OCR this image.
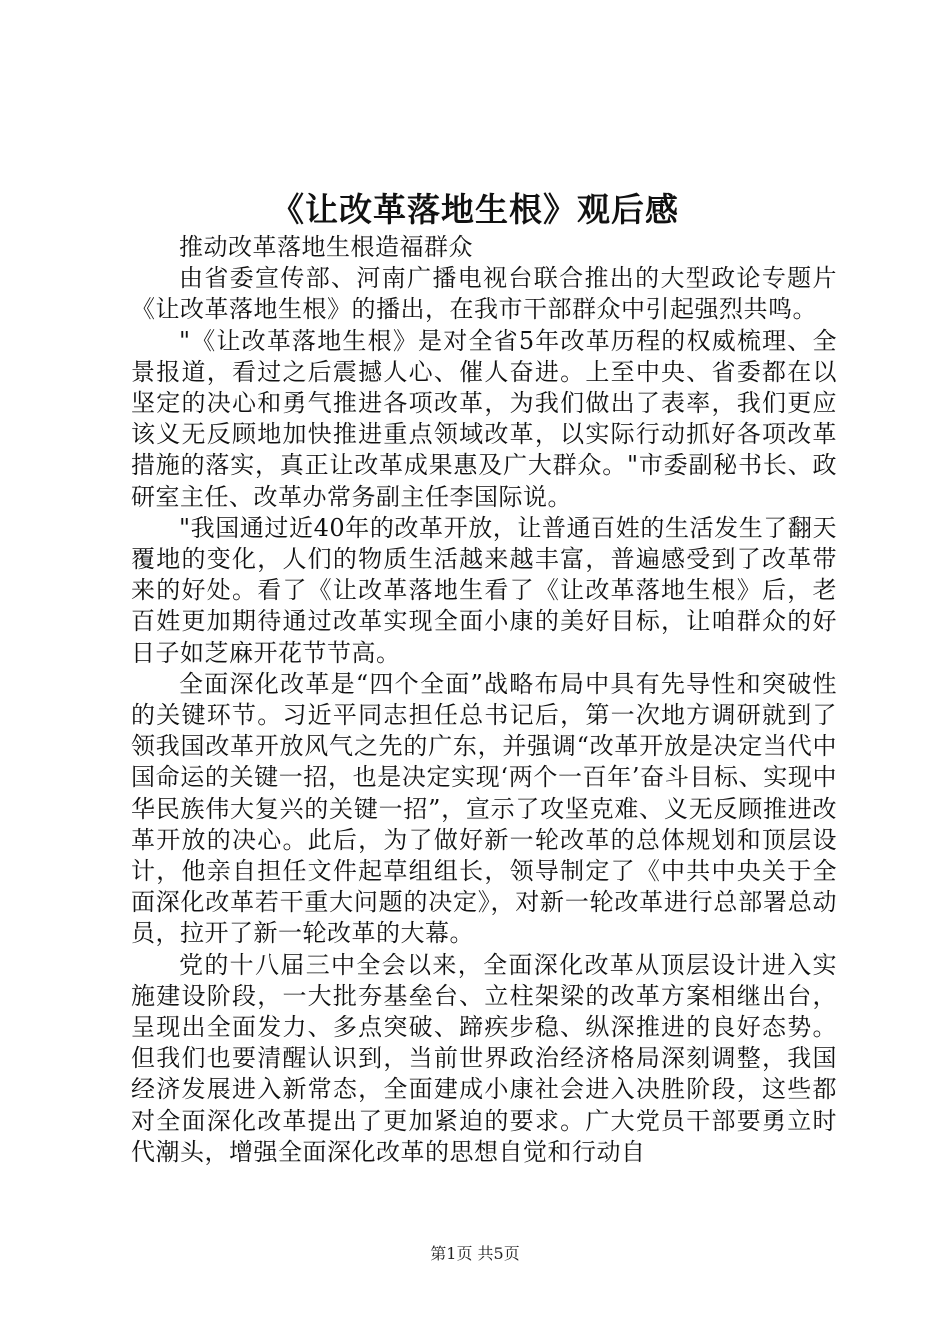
《让改革落地生根》观后感

推动改革落地生根造福群众

由省委宣传部、河南广播电视台联合推出的大型政论专题片《让改革落地生根》的播出，在我市干部群众中引起强烈共鸣。

"《让改革落地生根》是对全省5年改革历程的权威梳理、全景报道，看过之后震撼人心、催人奋进。上至中央、省委都在以坚定的决心和勇气推进各项改革，为我们做出了表率，我们更应该义无反顾地加快推进重点领域改革，以实际行动抓好各项改革措施的落实，真正让改革成果惠及广大群众。"市委副秘书长、政研室主任、改革办常务副主任李国际说。

"我国通过近40年的改革开放，让普通百姓的生活发生了翻天覆地的变化，人们的物质生活越来越丰富，普遍感受到了改革带来的好处。看了《让改革落地生看了《让改革落地生根》后，老百姓更加期待通过改革实现全面小康的美好目标，让咱群众的好日子如芝麻开花节节高。

全面深化改革是“四个全面”战略布局中具有先导性和突破性的关键环节。习近平同志担任总书记后，第一次地方调研就到了领我国改革开放风气之先的广东，并强调“改革开放是决定当代中国命运的关键一招，也是决定实现‘两个一百年’奋斗目标、实现中华民族伟大复兴的关键一招”，宣示了攻坚克难、义无反顾推进改革开放的决心。此后，为了做好新一轮改革的总体规划和顶层设计，他亲自担任文件起草组组长，领导制定了《中共中央关于全面深化改革若干重大问题的决定》，对新一轮改革进行总部署总动员，拉开了新一轮改革的大幕。

党的十八届三中全会以来，全面深化改革从顶层设计进入实施建设阶段，一大批夯基垒台、立柱架梁的改革方案相继出台，呈现出全面发力、多点突破、蹄疾步稳、纵深推进的良好态势。但我们也要清醒认识到，当前世界政治经济格局深刻调整，我国经济发展进入新常态，全面建成小康社会进入决胜阶段，这些都对全面深化改革提出了更加紧迫的要求。广大党员干部要勇立时代潮头，增强全面深化改革的思想自觉和行动自

第1页 共5页
